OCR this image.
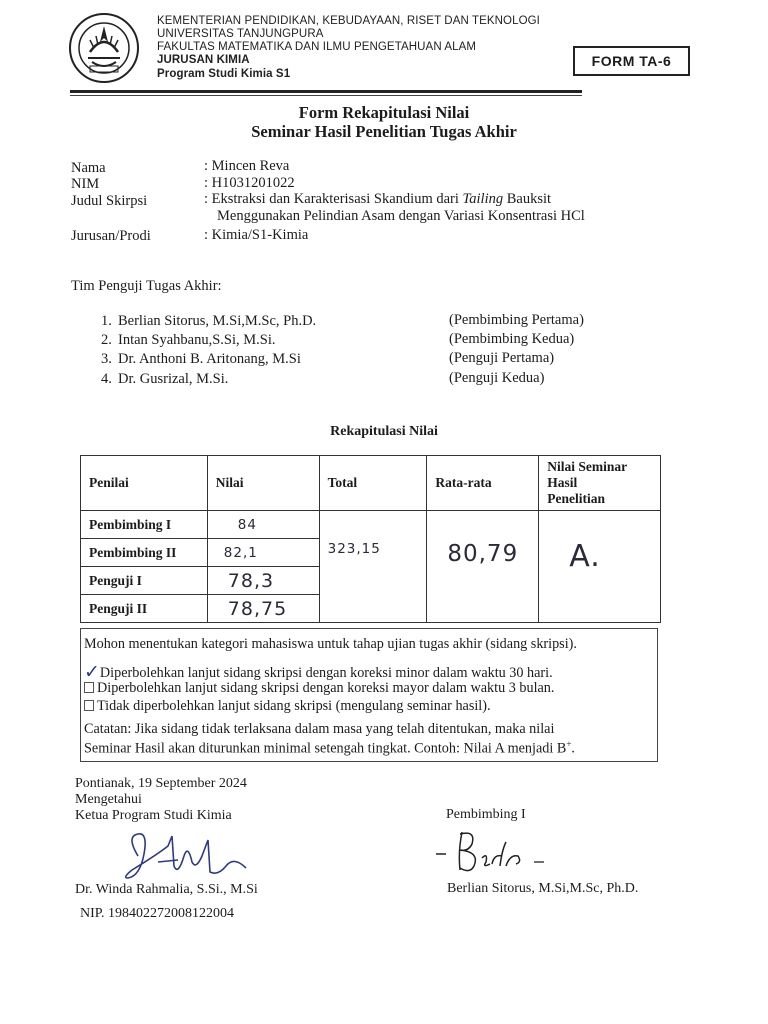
KEMENTERIAN PENDIDIKAN, KEBUDAYAAN, RISET DAN TEKNOLOGI
UNIVERSITAS TANJUNGPURA
FAKULTAS MATEMATIKA DAN ILMU PENGETAHUAN ALAM
JURUSAN KIMIA
Program Studi Kimia S1
FORM TA-6
Form Rekapitulasi Nilai
Seminar Hasil Penelitian Tugas Akhir
Nama	: Mincen Reva
NIM	: H1031201022
Judul Skirpsi	: Ekstraksi dan Karakterisasi Skandium dari Tailing Bauksit
Menggunakan Pelindian Asam dengan Variasi Konsentrasi HCl
Jurusan/Prodi	: Kimia/S1-Kimia
Tim Penguji Tugas Akhir:
1. Berlian Sitorus, M.Si,M.Sc, Ph.D.	(Pembimbing Pertama)
2. Intan Syahbanu,S.Si, M.Si.	(Pembimbing Kedua)
3. Dr. Anthoni B. Aritonang, M.Si	(Penguji Pertama)
4. Dr. Gusrizal, M.Si.	(Penguji Kedua)
Rekapitulasi Nilai
Penilai	Nilai	Total	Rata-rata	Nilai Seminar
Hasil
Penelitian

Pembimbing I	84	323,15	80,79	A.
Pembimbing II	82,1			
Penguji I	78,3			
Penguji II	78,75			
Mohon menentukan kategori mahasiswa untuk tahap ujian tugas akhir (sidang skripsi).
✓Diperbolehkan lanjut sidang skripsi dengan koreksi minor dalam waktu 30 hari.
Diperbolehkan lanjut sidang skripsi dengan koreksi mayor dalam waktu 3 bulan.
Tidak diperbolehkan lanjut sidang skripsi (mengulang seminar hasil).
Catatan: Jika sidang tidak terlaksana dalam masa yang telah ditentukan, maka nilai
Seminar Hasil akan diturunkan minimal setengah tingkat. Contoh: Nilai A menjadi B+.
Pontianak, 19 September 2024
Mengetahui
Ketua Program Studi Kimia
Dr. Winda Rahmalia, S.Si., M.Si
NIP. 198402272008122004
Pembimbing I
Berlian Sitorus, M.Si,M.Sc, Ph.D.
